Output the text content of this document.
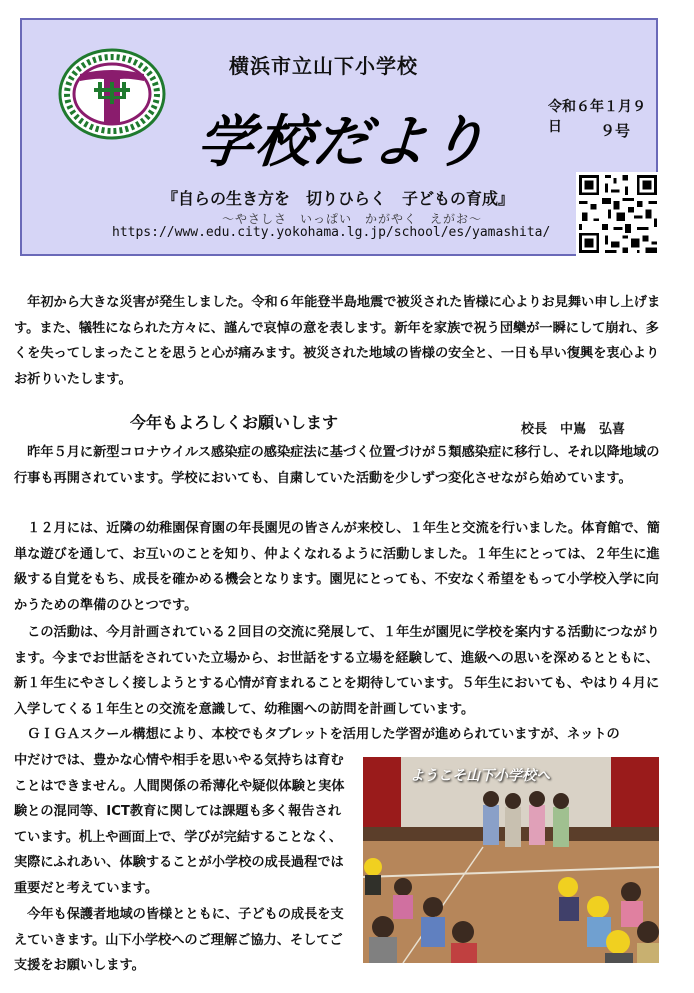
横浜市立山下小学校
学校だより
令和６年１月９日	９号
『自らの生き方を　切りひらく　子どもの育成』
～やさしさ　いっぱい　かがやく　えがお～
https://www.edu.city.yokohama.lg.jp/school/es/yamashita/

　年初から大きな災害が発生しました。令和６年能登半島地震で被災された皆様に心よりお見舞い申し上げます。また、犠牲になられた方々に、謹んで哀悼の意を表します。新年を家族で祝う団欒が一瞬にして崩れ、多くを失ってしまったことを思うと心が痛みます。被災された地域の皆様の安全と、一日も早い復興を衷心よりお祈りいたします。

今年もよろしくお願いします	校長　中嶌　弘喜

　昨年５月に新型コロナウイルス感染症の感染症法に基づく位置づけが５類感染症に移行し、それ以降地域の行事も再開されています。学校においても、自粛していた活動を少しずつ変化させながら始めています。

　１２月には、近隣の幼稚園保育園の年長園児の皆さんが来校し、１年生と交流を行いました。体育館で、簡単な遊びを通して、お互いのことを知り、仲よくなれるように活動しました。１年生にとっては、２年生に進級する自覚をもち、成長を確かめる機会となります。園児にとっても、不安なく希望をもって小学校入学に向かうための準備のひとつです。

　この活動は、今月計画されている２回目の交流に発展して、１年生が園児に学校を案内する活動につながります。今までお世話をされていた立場から、お世話をする立場を経験して、進級への思いを深めるとともに、新１年生にやさしく接しようとする心情が育まれることを期待しています。５年生においても、やはり４月に入学してくる１年生との交流を意識して、幼稚園への訪問を計画しています。

　ＧＩＧＡスクール構想により、本校でもタブレットを活用した学習が進められていますが、ネットの

中だけでは、豊かな心情や相手を思いやる気持ちは育むことはできません。人間関係の希薄化や疑似体験と実体験との混同等、ICT教育に関しては課題も多く報告されています。机上や画面上で、学びが完結することなく、実際にふれあい、体験することが小学校の成長過程では重要だと考えています。

　今年も保護者地域の皆様とともに、子どもの成長を支えていきます。山下小学校へのご理解ご協力、そしてご支援をお願いします。

ようこそ山下小学校へ
